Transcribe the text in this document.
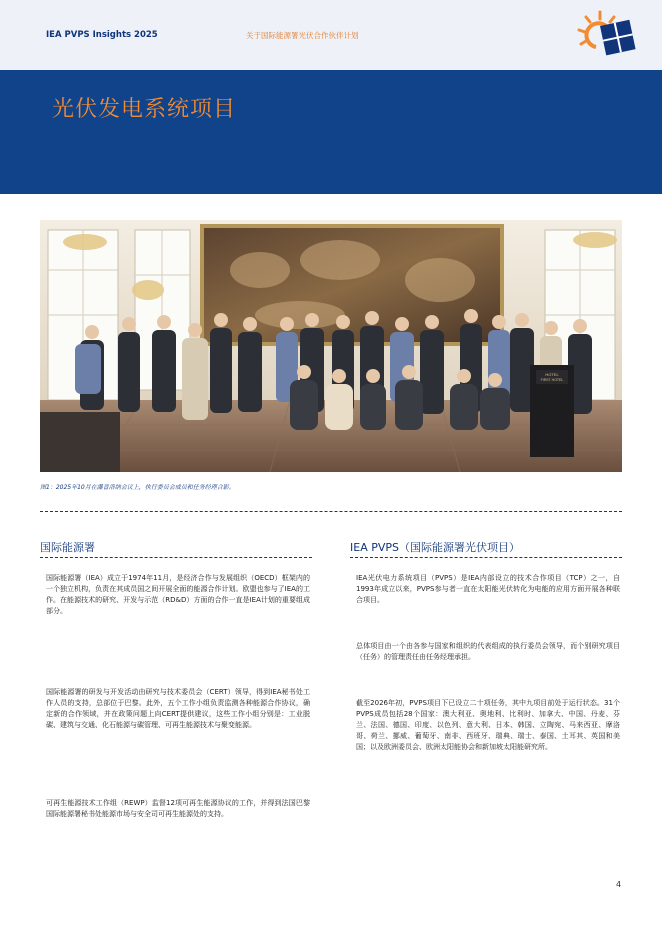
IEA PVPS Insights 2025	关于国际能源署光伏合作伙伴计划
光伏发电系统项目
HOTEL
FIRST HOTEL
图1：2025年10月在瀑普洛纳会议上，执行委员会成员和任务经理合影。
国际能源署	IEA PVPS（国际能源署光伏项目）
国际能源署（IEA）成立于1974年11月，是经济合作与发展组织（OECD）框架内的一个独立机构，负责在其成员国之间开展全面的能源合作计划。欧盟也参与了IEA的工作。在能源技术的研究、开发与示范（RD&D）方面的合作一直是IEA计划的重要组成部分。
国际能源署的研发与开发活动由研究与技术委员会（CERT）领导，得到IEA秘书处工作人员的支持，总部位于巴黎。此外，五个工作小组负责监测各种能源合作协议，确定新的合作领域，并在政策问题上向CERT提供建议，这些工作小组分别是：工业脱碳、建筑与交通、化石能源与碳管理、可再生能源技术与聚变能源。
可再生能源技术工作组（REWP）监督12项可再生能源协议的工作，并得到法国巴黎国际能源署秘书处能源市场与安全司可再生能源处的支持。
IEA光伏电力系统项目（PVPS）是IEA内部设立的技术合作项目（TCP）之一，自1993年成立以来，PVPS参与者一直在太阳能光伏转化为电能的应用方面开展各种联合项目。
总体项目由一个由各参与国家和组织的代表组成的执行委员会领导，而个别研究项目（任务）的管理责任由任务经理承担。
截至2026年初，PVPS项目下已设立二十项任务，其中九项目前处于运行状态。31个PVPS成员包括28个国家：澳大利亚、奥地利、比利时、加拿大、中国、丹麦、芬兰、法国、德国、印度、以色列、意大利、日本、韩国、立陶宛、马来西亚、摩洛哥、荷兰、挪威、葡萄牙、南非、西班牙、瑞典、瑞士、泰国、土耳其、英国和美国；以及欧洲委员会、欧洲太阳能协会和新加坡太阳能研究所。
4
